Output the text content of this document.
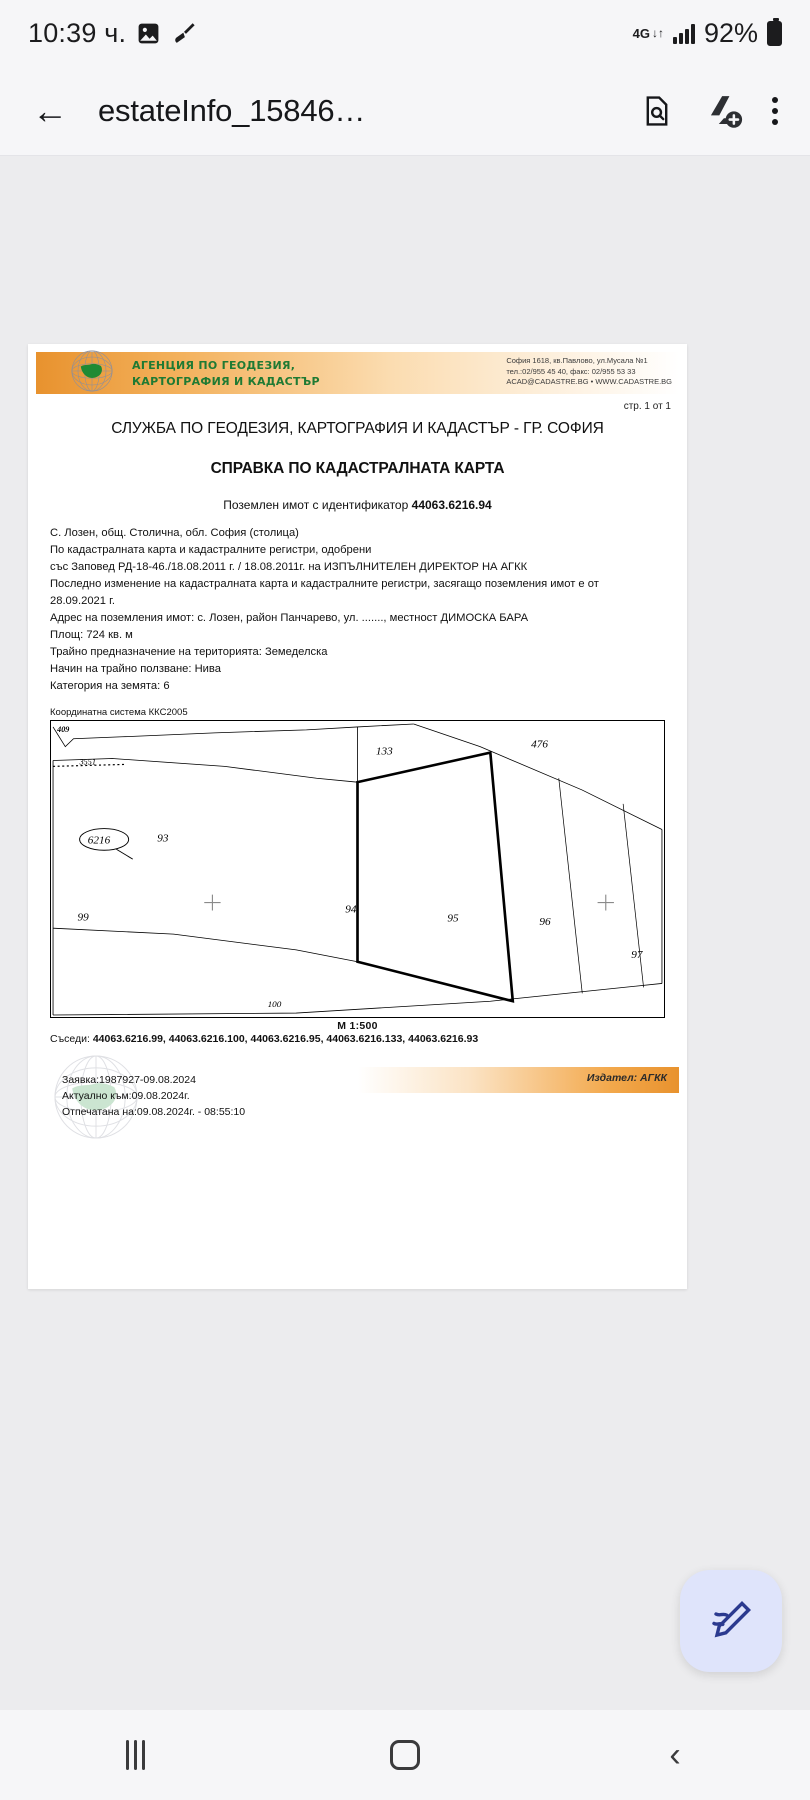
10:39 ч.	4G ↓↑ 92%
← estateInfo_15846…
АГЕНЦИЯ ПО ГЕОДЕЗИЯ,
КАРТОГРАФИЯ И КАДАСТЪР
София 1618, кв.Павлово, ул.Мусала №1
тел.:02/955 45 40, факс: 02/955 53 33
ACAD@CADASTRE.BG • WWW.CADASTRE.BG
стр. 1 от 1
СЛУЖБА ПО ГЕОДЕЗИЯ, КАРТОГРАФИЯ И КАДАСТЪР - ГР. СОФИЯ
СПРАВКА ПО КАДАСТРАЛНАТА КАРТА
Поземлен имот с идентификатор 44063.6216.94
С. Лозен, общ. Столична, обл. София (столица)
По кадастралната карта и кадастралните регистри, одобрени
със Заповед РД-18-46./18.08.2011 г. / 18.08.2011г. на ИЗПЪЛНИТЕЛЕН ДИРЕКТОР НА АГКК
Последно изменение на кадастралната карта и кадастралните регистри, засягащо поземления имот е от
28.09.2021 г.
Адрес на поземления имот: с. Лозен, район Панчарево, ул. ......., местност ДИМОСКА БАРА
Площ: 724 кв. м
Трайно предназначение на територията: Земеделска
Начин на трайно ползване: Нива
Категория на земята: 6
Координатна система ККС2005
409
3551
133
476
6216	93
94
95	96
97
99
100
М 1:500
Съседи: 44063.6216.99, 44063.6216.100, 44063.6216.95, 44063.6216.133, 44063.6216.93
Заявка:1987927-09.08.2024
Актуално към:09.08.2024г.
Отпечатана на:09.08.2024г. - 08:55:10
Издател: АГКК
‹
